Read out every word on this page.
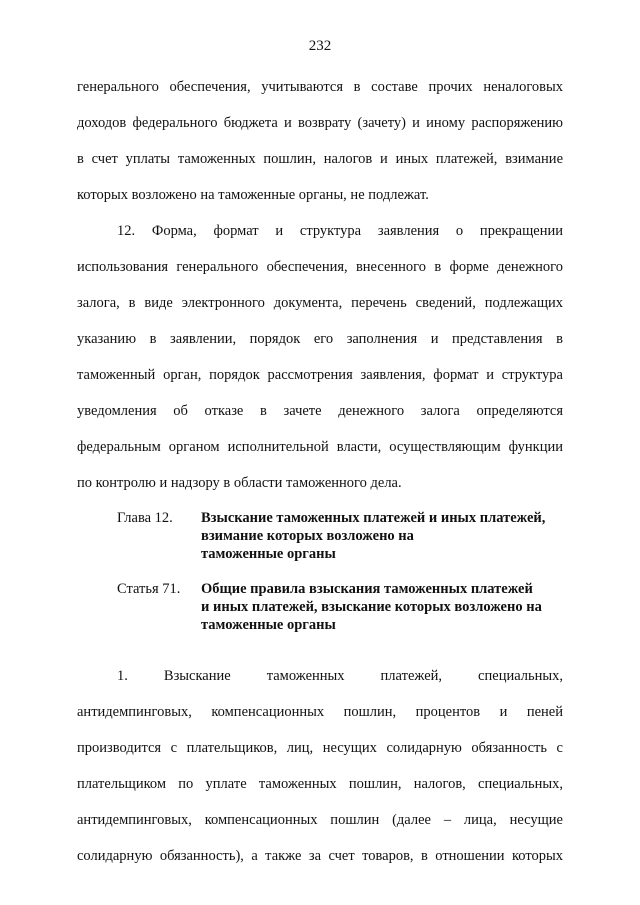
232
генерального обеспечения, учитываются в составе прочих неналоговых
доходов федерального бюджета и возврату (зачету) и иному распоряжению
в счет уплаты таможенных пошлин, налогов и иных платежей, взимание
которых возложено на таможенные органы, не подлежат.
12. Форма, формат и структура заявления о прекращении
использования генерального обеспечения, внесенного в форме денежного
залога, в виде электронного документа, перечень сведений, подлежащих
указанию в заявлении, порядок его заполнения и представления в
таможенный орган, порядок рассмотрения заявления, формат и структура
уведомления об отказе в зачете денежного залога определяются
федеральным органом исполнительной власти, осуществляющим функции
по контролю и надзору в области таможенного дела.
Глава 12. Взыскание таможенных платежей и иных платежей,
взимание которых возложено на
таможенные органы
Статья 71. Общие правила взыскания таможенных платежей
и иных платежей, взыскание которых возложено на
таможенные органы
1. Взыскание таможенных платежей, специальных,
антидемпинговых, компенсационных пошлин, процентов и пеней
производится с плательщиков, лиц, несущих солидарную обязанность с
плательщиком по уплате таможенных пошлин, налогов, специальных,
антидемпинговых, компенсационных пошлин (далее – лица, несущие
солидарную обязанность), а также за счет товаров, в отношении которых
